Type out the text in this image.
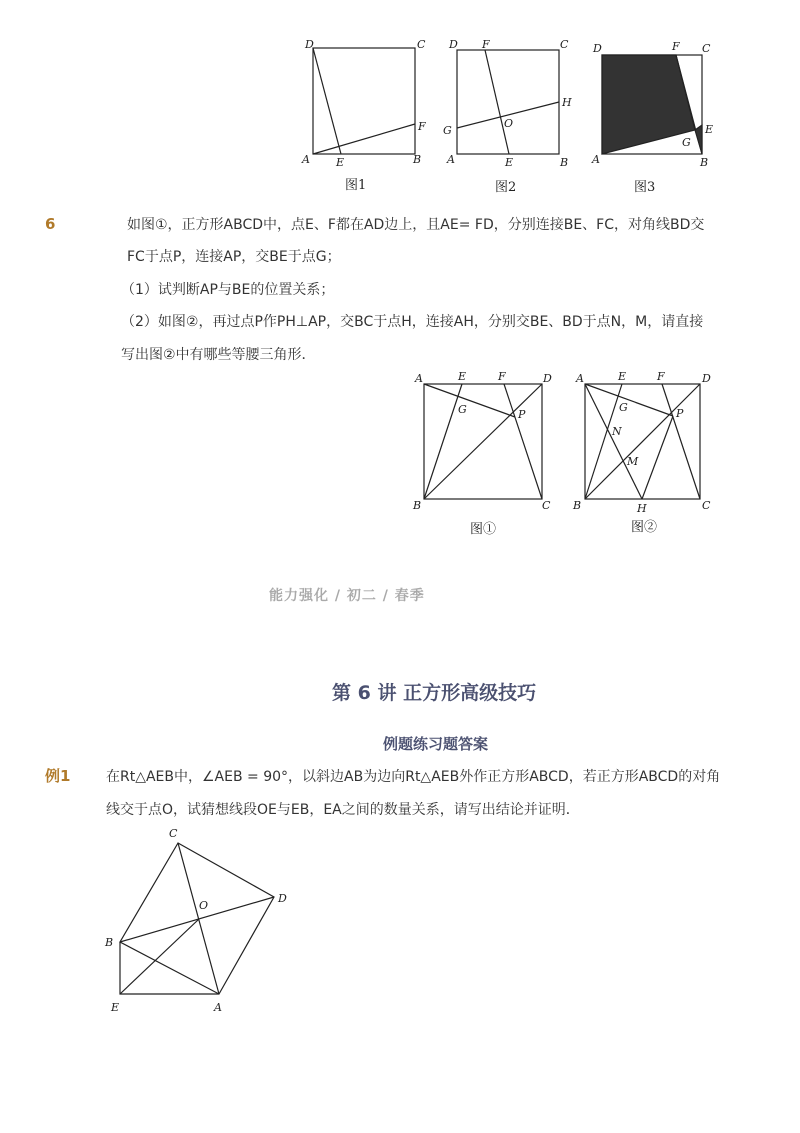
D	C
F
A E	B
D F	C
H
G
O
A	E	B
D	F C
E
G
A	B
图1	图2	图3
6	如图①，正方形ABCD中，点E、F都在AD边上，且AE= FD，分别连接BE、FC，对角线BD交
FC于点P，连接AP，交BE于点G；
（1）试判断AP与BE的位置关系；
（2）如图②，再过点P作PH⊥AP，交BC于点H，连接AH，分别交BE、BD于点N，M，请直接
写出图②中有哪些等腰三角形．
A	E	F	D
G	P
B	C
A	E	F	D
G	P
N
M
B	H	C
图①	图②
能力强化 / 初二 / 春季
第 6 讲 正方形高级技巧
例题练习题答案
例1	在Rt△AEB中，∠AEB = 90°，以斜边AB为边向Rt△AEB外作正方形ABCD，若正方形ABCD的对角
线交于点O，试猜想线段OE与EB，EA之间的数量关系，请写出结论并证明．
C
O
D
B
E	A
